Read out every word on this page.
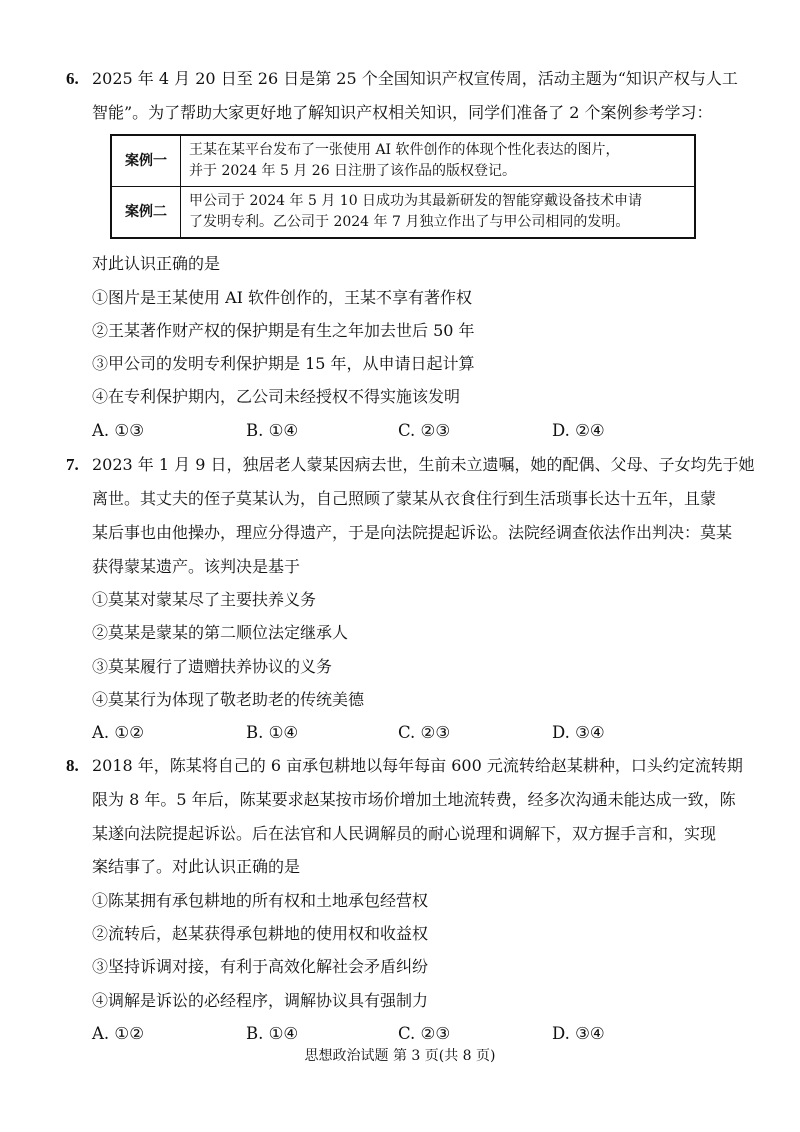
6. 2025 年 4 月 20 日至 26 日是第 25 个全国知识产权宣传周，活动主题为“知识产权与人工
智能”。为了帮助大家更好地了解知识产权相关知识，同学们准备了 2 个案例参考学习：
案例一	王某在某平台发布了一张使用 AI 软件创作的体现个性化表达的图片，
并于 2024 年 5 月 26 日注册了该作品的版权登记。

案例二	甲公司于 2024 年 5 月 10 日成功为其最新研发的智能穿戴设备技术申请
了发明专利。乙公司于 2024 年 7 月独立作出了与甲公司相同的发明。
对此认识正确的是
①图片是王某使用 AI 软件创作的，王某不享有著作权
②王某著作财产权的保护期是有生之年加去世后 50 年
③甲公司的发明专利保护期是 15 年，从申请日起计算
④在专利保护期内，乙公司未经授权不得实施该发明
A. ①③	B. ①④	C. ②③	D. ②④
7. 2023 年 1 月 9 日，独居老人蒙某因病去世，生前未立遗嘱，她的配偶、父母、子女均先于她
离世。其丈夫的侄子莫某认为，自己照顾了蒙某从衣食住行到生活琐事长达十五年，且蒙
某后事也由他操办，理应分得遗产，于是向法院提起诉讼。法院经调查依法作出判决：莫某
获得蒙某遗产。该判决是基于
①莫某对蒙某尽了主要扶养义务
②莫某是蒙某的第二顺位法定继承人
③莫某履行了遗赠扶养协议的义务
④莫某行为体现了敬老助老的传统美德
A. ①②	B. ①④	C. ②③	D. ③④
8. 2018 年，陈某将自己的 6 亩承包耕地以每年每亩 600 元流转给赵某耕种，口头约定流转期
限为 8 年。5 年后，陈某要求赵某按市场价增加土地流转费，经多次沟通未能达成一致，陈
某遂向法院提起诉讼。后在法官和人民调解员的耐心说理和调解下，双方握手言和，实现
案结事了。对此认识正确的是
①陈某拥有承包耕地的所有权和土地承包经营权
②流转后，赵某获得承包耕地的使用权和收益权
③坚持诉调对接，有利于高效化解社会矛盾纠纷
④调解是诉讼的必经程序，调解协议具有强制力
A. ①②	B. ①④	C. ②③	D. ③④
思想政治试题 第 3 页(共 8 页)
